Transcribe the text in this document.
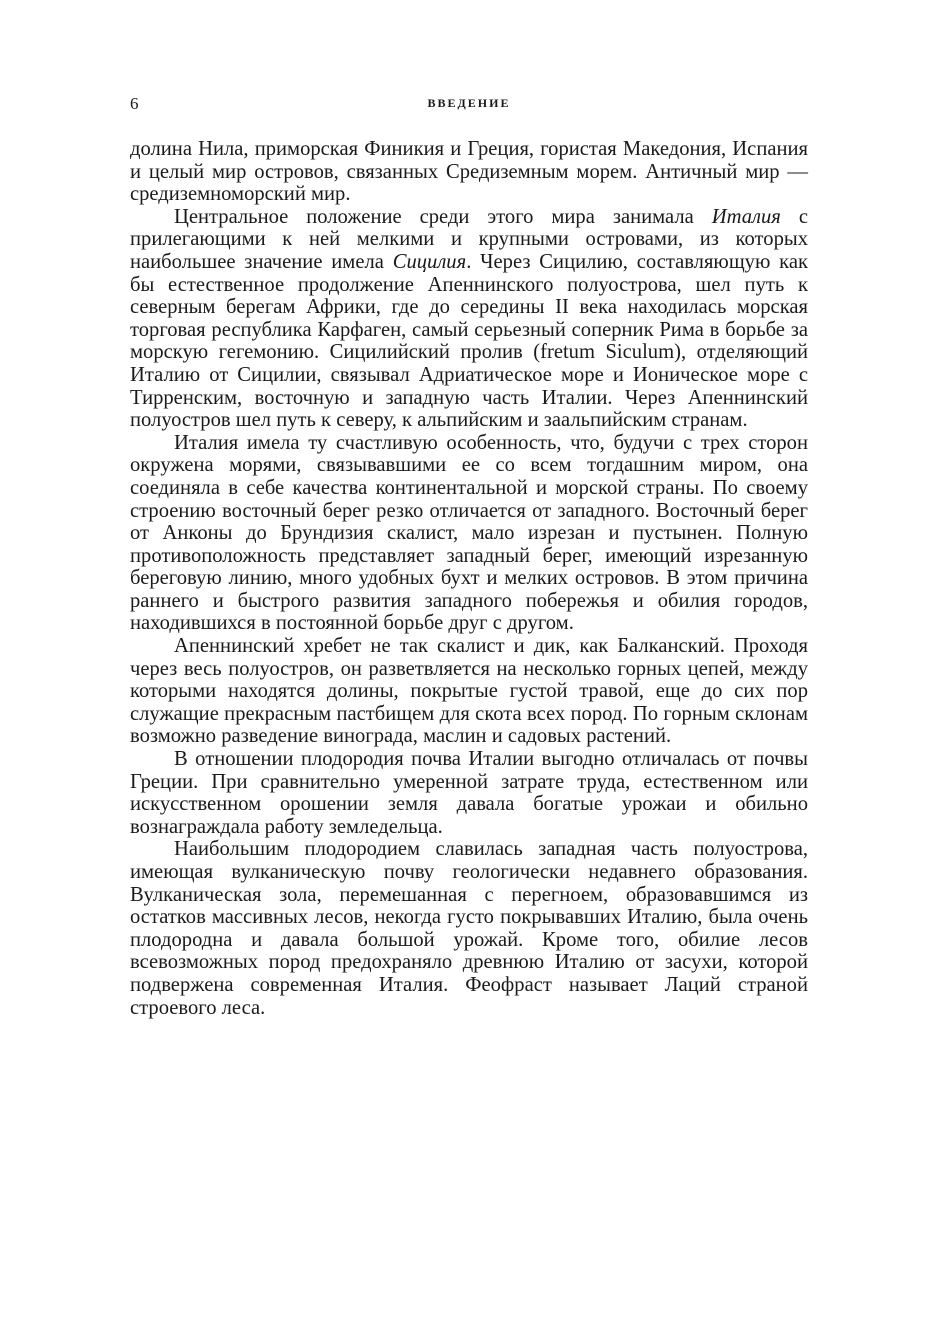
6	ВВЕДЕНИЕ

долина Нила, приморская Финикия и Греция, гористая Македония, Испания и целый мир островов, связанных Средиземным морем. Античный мир — средиземноморский мир.

Центральное положение среди этого мира занимала Италия с прилегающими к ней мелкими и крупными островами, из которых наибольшее значение имела Сицилия. Через Сицилию, составляющую как бы естественное продолжение Апеннинского полуострова, шел путь к северным берегам Африки, где до середины II века находилась морская торговая республика Карфаген, самый серьезный соперник Рима в борьбе за морскую гегемонию. Сицилийский пролив (fretum Siculum), отделяющий Италию от Сицилии, связывал Адриатическое море и Ионическое море с Тирренским, восточную и западную часть Италии. Через Апеннинский полуостров шел путь к северу, к альпийским и заальпийским странам.

Италия имела ту счастливую особенность, что, будучи с трех сторон окружена морями, связывавшими ее со всем тогдашним миром, она соединяла в себе качества континентальной и морской страны. По своему строению восточный берег резко отличается от западного. Восточный берег от Анконы до Брундизия скалист, мало изрезан и пустынен. Полную противоположность представляет западный берег, имеющий изрезанную береговую линию, много удобных бухт и мелких островов. В этом причина раннего и быстрого развития западного побережья и обилия городов, находившихся в постоянной борьбе друг с другом.

Апеннинский хребет не так скалист и дик, как Балканский. Проходя через весь полуостров, он разветвляется на несколько горных цепей, между которыми находятся долины, покрытые густой травой, еще до сих пор служащие прекрасным пастбищем для скота всех пород. По горным склонам возможно разведение винограда, маслин и садовых растений.

В отношении плодородия почва Италии выгодно отличалась от почвы Греции. При сравнительно умеренной затрате труда, естественном или искусственном орошении земля давала богатые урожаи и обильно вознаграждала работу земледельца.

Наибольшим плодородием славилась западная часть полуострова, имеющая вулканическую почву геологически недавнего образования. Вулканическая зола, перемешанная с перегноем, образовавшимся из остатков массивных лесов, некогда густо покрывавших Италию, была очень плодородна и давала большой урожай. Кроме того, обилие лесов всевозможных пород предохраняло древнюю Италию от засухи, которой подвержена современная Италия. Феофраст называет Лаций страной строевого леса.
